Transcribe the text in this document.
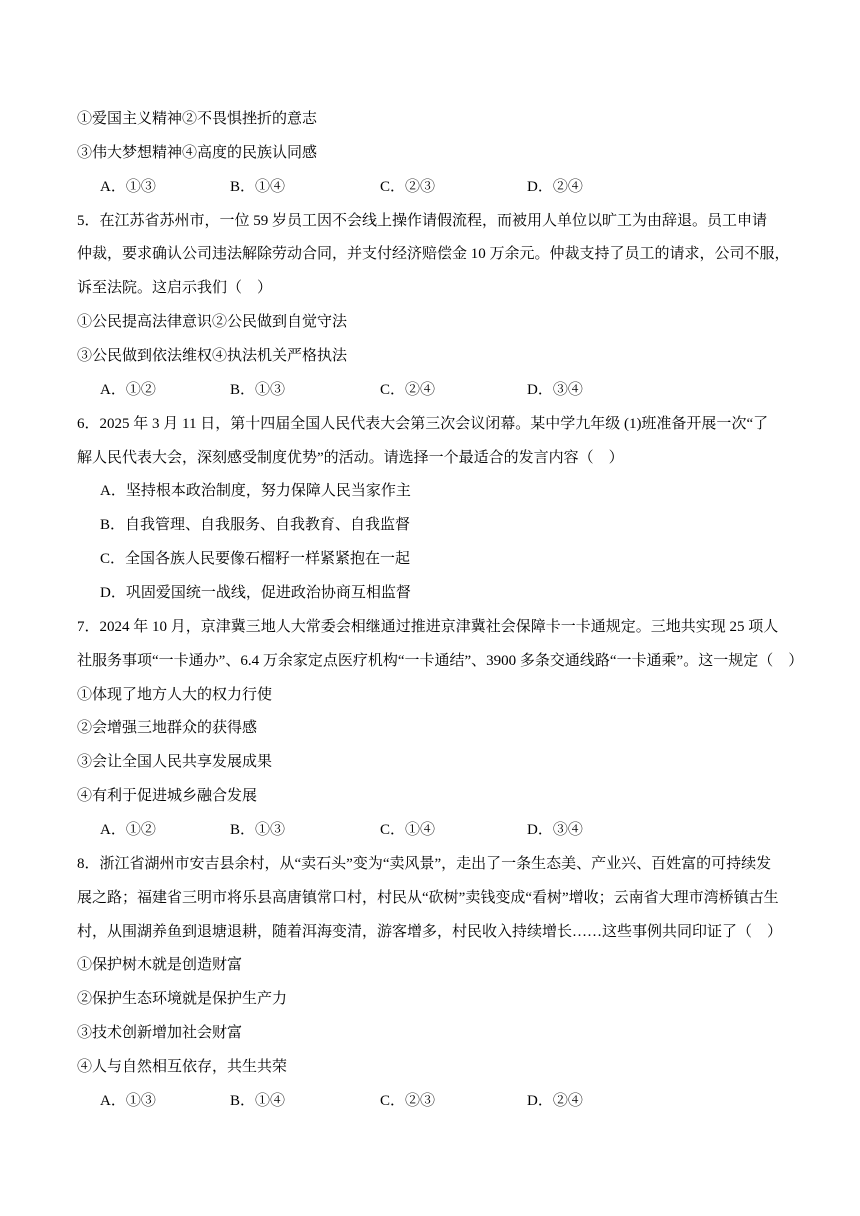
①爱国主义精神②不畏惧挫折的意志
③伟大梦想精神④高度的民族认同感
A．①③	B．①④	C．②③	D．②④
5．在江苏省苏州市，一位 59 岁员工因不会线上操作请假流程，而被用人单位以旷工为由辞退。员工申请
仲裁，要求确认公司违法解除劳动合同，并支付经济赔偿金 10 万余元。仲裁支持了员工的请求，公司不服，
诉至法院。这启示我们（　）
①公民提高法律意识②公民做到自觉守法
③公民做到依法维权④执法机关严格执法
A．①②	B．①③	C．②④	D．③④
6．2025 年 3 月 11 日，第十四届全国人民代表大会第三次会议闭幕。某中学九年级 (1)班准备开展一次“了
解人民代表大会，深刻感受制度优势”的活动。请选择一个最适合的发言内容（　）
A．坚持根本政治制度，努力保障人民当家作主
B．自我管理、自我服务、自我教育、自我监督
C．全国各族人民要像石榴籽一样紧紧抱在一起
D．巩固爱国统一战线，促进政治协商互相监督
7．2024 年 10 月，京津冀三地人大常委会相继通过推进京津冀社会保障卡一卡通规定。三地共实现 25 项人
社服务事项“一卡通办”、6.4 万余家定点医疗机构“一卡通结”、3900 多条交通线路“一卡通乘”。这一规定（　）
①体现了地方人大的权力行使
②会增强三地群众的获得感
③会让全国人民共享发展成果
④有利于促进城乡融合发展
A．①②	B．①③	C．①④	D．③④
8．浙江省湖州市安吉县余村，从“卖石头”变为“卖风景”，走出了一条生态美、产业兴、百姓富的可持续发
展之路；福建省三明市将乐县高唐镇常口村，村民从“砍树”卖钱变成“看树”增收；云南省大理市湾桥镇古生
村，从围湖养鱼到退塘退耕，随着洱海变清，游客增多，村民收入持续增长……这些事例共同印证了（　）
①保护树木就是创造财富
②保护生态环境就是保护生产力
③技术创新增加社会财富
④人与自然相互依存，共生共荣
A．①③	B．①④	C．②③	D．②④
